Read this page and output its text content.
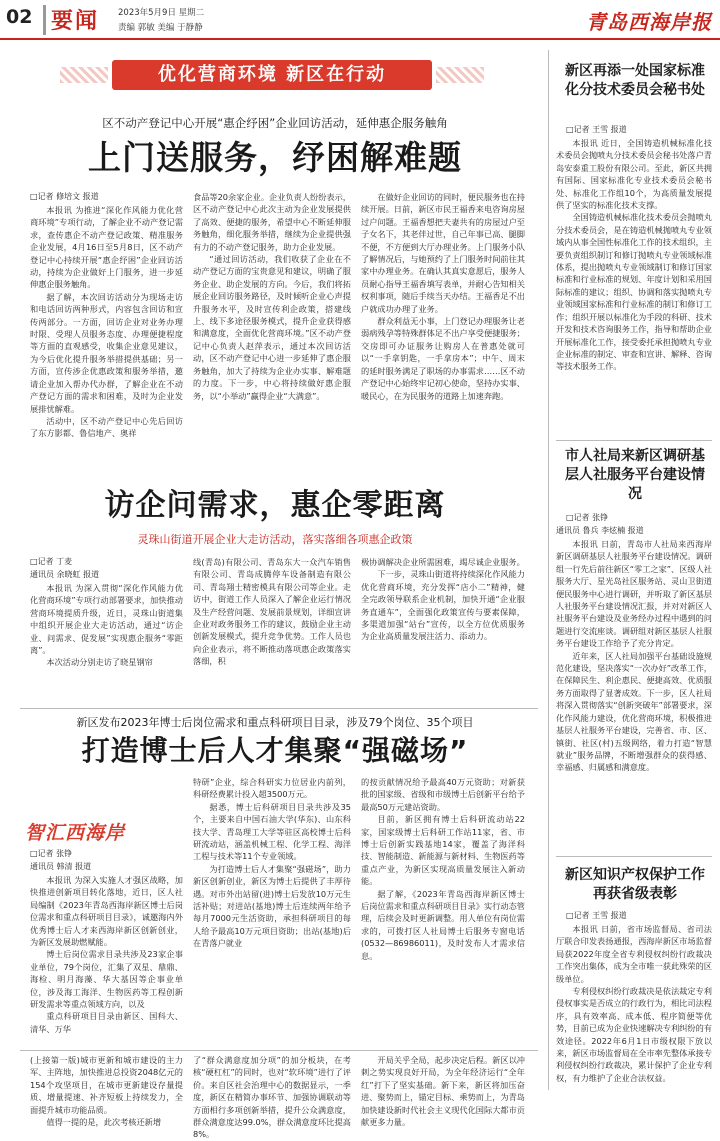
02 要闻 2023年5月9日 星期二
责编 郭敏 美编 于静静	青岛西海岸报
优化营商环境 新区在行动
区不动产登记中心开展“惠企纾困”企业回访活动，延伸惠企服务触角
上门送服务，纾困解难题
□记者 修培文 报道

本报讯 为推进“深化作风能力优化营商环境”专项行动，了解企业不动产登记需求，查传惠企不动产登记政策、精准服务企业发展，4月16日至5月8日，区不动产登记中心持续开展“惠企纾困”企业回访活动，持续为企业做好上门服务，进一步延伸惠企服务触角。

据了解，本次回访活动分为现场走访和电话回访两种形式，内容包含回访和宣传两部分。一方面，回访企业对业务办理时限、受理人员服务态度、办理便捷程度等方面的直观感受，收集企业意见建议，为今后优化提升服务举措提供基础；另一方面，宣传涉企优惠政策和服务举措，邀请企业加入帮办代办群，了解企业在不动产登记方面的需求和困难，及时为企业发展排忧解难。

活动中，区不动产登记中心先后回访了东方影都、鲁信地产、奥祥

食品等20余家企业。企业负责人纷纷表示，区不动产登记中心此次主动为企业发展提供了高效、便捷的服务，希望中心不断延伸服务触角，细化服务举措，继续为企业提供强有力的不动产登记服务，助力企业发展。

“通过回访活动，我们收获了企业在不动产登记方面的宝贵意见和建议，明确了服务企业、助企发展的方向。今后，我们将拓展企业回访服务路径，及时倾听企业心声提升服务水平，及时宣传利企政策，搭建线上、线下多途径服务模式，提升企业获得感和满意度，全面优化营商环境。”区不动产登记中心负责人赵萍表示，通过本次回访活动，区不动产登记中心进一步延伸了惠企服务触角，加大了持续为企业办实事、解难题的力度。下一步，中心将持续做好惠企服务，以“小举动”赢得企业“大满意”。

在做好企业回访的同时，便民服务也在持续开展。日前，新区市民王福香来电咨询房屋过户问题。王福香想把夫妻共有的房屋过户至子女名下，其老伴过世，自己年事已高、腿脚不便，不方便到大厅办理业务。上门服务小队了解情况后，与她预约了上门服务时间前往其家中办理业务。在确认其真实意愿后，服务人员耐心指导王福香填写表单，并耐心告知相关权利事项，随后手续当天办结。王福香足不出户就成功办理了业务。

群众利益无小事，上门登记办理服务让老弱病残孕等特殊群体足不出户享受便捷服务；交房即可办证服务让购房人在普惠处就可以“一手拿钥匙，一手拿房本”；中午、周末的延时服务满足了职场的办事需求……区不动产登记中心始终牢记初心使命，坚持办实事、暖民心，在为民服务的道路上加速奔跑。

访企问需求，惠企零距离
灵珠山街道开展企业大走访活动，落实落细各项惠企政策
□记者 丁麦
通讯员 余晓虹 报道

本报讯 为深入贯彻“深化作风能力优化营商环境”专项行动部署要求，加快推动营商环境提质升级，近日，灵珠山街道集中组织开展企业大走访活动，通过“访企业、问需求、促发展”实现惠企服务“零距离”。

本次活动分别走访了晓星钢帘

线(青岛)有限公司、青岛东大一众汽车销售有限公司、青岛成腾停车设备制造有限公司、青岛翔士精密模具有限公司等企业。走访中，街道工作人员深入了解企业运行情况及生产经营问题、发展前景规划，详细宣讲企业对政务服务工作的建议，鼓励企业主动创新发展模式，提升竞争优势。工作人员也向企业表示，将不断推动落项惠企政策落实落细，积

极协调解决企业所需困难，竭尽诚企业服务。

下一步，灵珠山街道将持续深化作风能力优化营商环境，充分发挥“店小二”精神，健全完政领导联系企业机制，加快开通“企业服务直通车”，全面强化政策宣传与要素保障，多渠道加强“站台”宣传，以全方位优质服务为企业高质量发展注活力、添动力。

新区发布2023年博士后岗位需求和重点科研项目目录，涉及79个岗位、35个项目
打造博士后人才集聚“强磁场”
智汇西海岸
□记者 张铮
通讯员 韩清 报道

本报讯 为深入实施人才强区战略，加快推进创新项目转化落地，近日，区人社局编制《2023年青岛西海岸新区博士后岗位需求和重点科研项目目录》，诚邀海内外优秀博士后人才来西海岸新区创新创业，为新区发展助燃赋能。

博士后岗位需求目录共涉及23家企事业单位，79个岗位，汇集了双星、鼎鼎、海检、明月海藻、华大基因等企事业单位，涉及海工海洋、生物医药等工程创新研发需求等重点领域方向，以及

重点科研项目目录由新区、国科大、清华、万华

特研”企业，综合科研实力位居业内前列，科研经费累计投入超3500万元。

据悉，博士后科研项目目录共涉及35个，主要来自中国石油大学(华东)、山东科技大学、青岛理工大学等驻区高校博士后科研流动站，涵盖机械工程、化学工程、海洋工程与技术等11个专业领域。

为打造博士后人才集聚“强磁场”，助力新区创新创业，新区为博士后提供了丰厚待遇。对市外出站留(进)博士后发放10万元生活补贴；对进站(基地)博士后连续两年给予每月7000元生活资助，承担科研项目的每人给予最高10万元项目资助；出站(基地)后在青落户就业

的按贡献情况给予最高40万元资助；对新获批的国家级、省级和市级博士后创新平台给予最高50万元建站资助。

目前，新区拥有博士后科研流动站22家，国家级博士后科研工作站11家，省、市博士后创新实践基地14家，覆盖了海洋科技、智能制造、新能源与新材料、生物医药等重点产业，为新区实现高质量发展注入新动能。

据了解，《2023年青岛西海岸新区博士后岗位需求和重点科研项目目录》实行动态管理，后续会及时更新调整。用人单位有岗位需求的，可拨打区人社局博士后服务专窗电话(0532—86986011)，及时发布人才需求信息。

(上接第一版)城市更新和城市建设的主力军、主阵地，加快推进总投资2048亿元的154个攻坚项目，在城市更新建设存量提质、增量提速、补齐短板上持续发力，全面提升城市功能品质。

值得一提的是，此次考核还新增

了“群众满意度加分项”的加分板块，在考核“硬杠杠”的同时，也对“软环境”进行了评价。来自区社会治理中心的数据显示，一季度，新区在精简办事环节、加强协调联动等方面相行多项创新举措，提升公众满意度，群众满意度达99.0%，群众满意度环比提高8%。

开局关乎全局，起步决定后程。新区以冲刺之势实现良好开局，为全年经济运行“全年红”打下了坚实基础。新下来，新区将加压奋进、聚势而上，锚定目标、乘势而上，为青岛加快建设新时代社会主义现代化国际大都市贡献更多力量。

新区再添一处国家标准化分技术委员会秘书处
□记者 王雪 报道

本报讯 近日，全国铸造机械标准化技术委员会抛喷丸分技术委员会秘书处落户青岛安泰重工股份有限公司。至此，新区共拥有国际、国家标准化专业技术委员会秘书处、标准化工作组10个，为高质量发展提供了坚实的标准化技术支撑。

全国铸造机械标准化技术委员会抛喷丸分技术委员会，是在铸造机械抛喷丸专业领域内从事全国性标准化工作的技术组织，主要负责组织制订和修订抛喷丸专业领域标准体系，提出抛喷丸专业领域制订和修订国家标准和行业标准的规划、年度计划和采用国际标准的建议；组织、协调和落实抛喷丸专业领域国家标准和行业标准的制订和修订工作；组织开展以标准化为手段的科研、技术开发和技术咨询服务工作，指导和帮助企业开展标准化工作，接受委托承担抛喷丸专业企业标准的制定、审查和宣讲、解释、咨询等技术服务工作。

市人社局来新区调研基层人社服务平台建设情况
□记者 张铮
通讯员 鲁兵 李炫楠 报道

本报讯 日前，青岛市人社局来西海岸新区调研基层人社服务平台建设情况。调研组一行先后前往新区“零工之家”、区级人社服务大厅、星光岛社区服务站、灵山卫街道便民服务中心进行调研，并听取了新区基层人社服务平台建设情况汇报，并对对新区人社服务平台建设及业务经办过程中遇到的问题进行交流座谈。调研组对新区基层人社服务平台建设工作给予了充分肯定。

近年来，区人社局加强平台基础设施规范化建设，坚决落实“一次办好”改革工作，在保障民生、利企惠民、便捷高效、优质服务方面取得了显著成效。下一步，区人社局将深入贯彻落实“创新突破年”部署要求，深化作风能力建设，优化营商环境，积极推进基层人社服务平台建设，完善省、市、区、镇街、社区(村)五级网络，着力打造“智慧就业”服务品牌，不断增强群众的获得感、幸福感、归属感和满意度。

新区知识产权保护工作再获省级表彰
□记者 王雪 报道

本报讯 日前，省市场监督局、省司法厅联合印发表扬通报，西海岸新区市场监督局获2022年度全省专利侵权纠纷行政裁决工作突出集体，成为全市唯一获此殊荣的区级单位。

专利侵权纠纷行政裁决是依法裁定专利侵权事实是否成立的行政行为，相比司法程序，具有效率高、成本低、程序简便等优势，目前已成为企业快速解决专利纠纷的有效途径。2022年6月1日市级权限下放以来，新区市场监督局在全市率先整体承接专利侵权纠纷行政裁决，累计保护了企业专利权，有力维护了企业合法权益。
